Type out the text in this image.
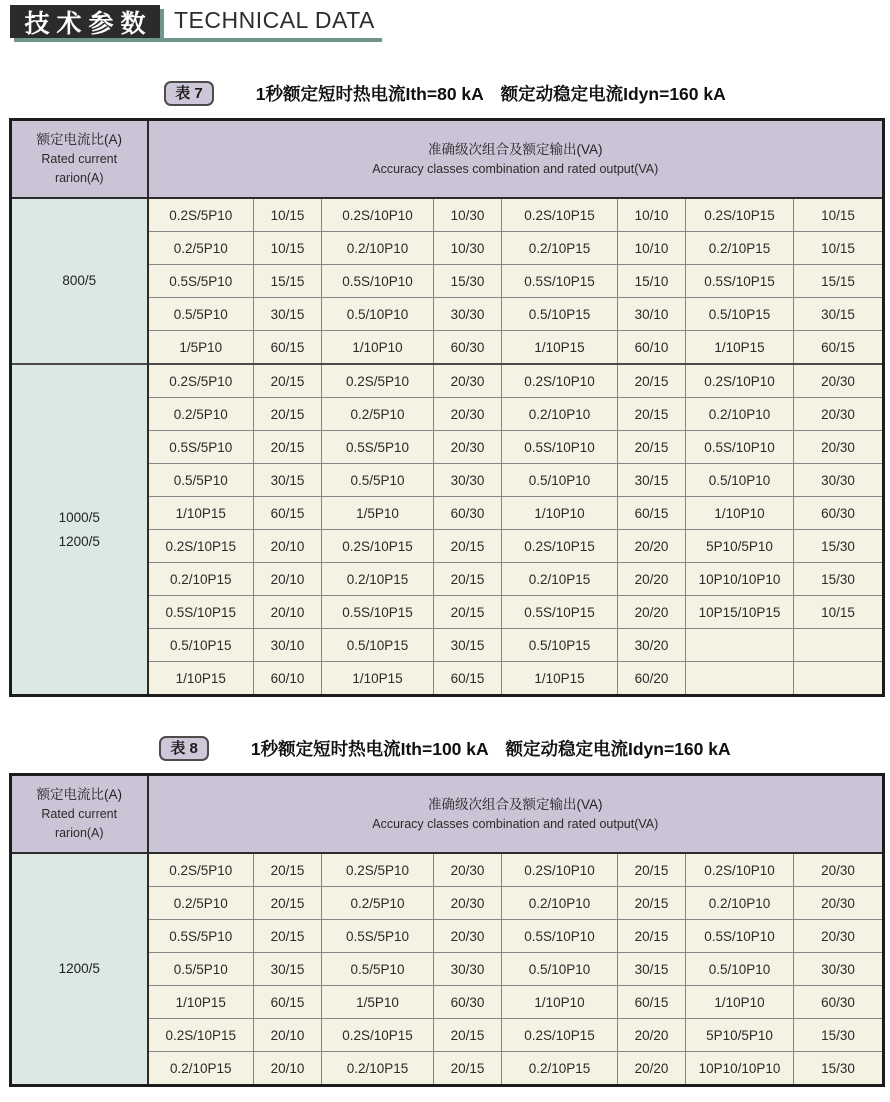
技术参数 TECHNICAL DATA
表 7	1秒额定短时热电流Ith=80 kA　额定动稳定电流Idyn=160 kA
额定电流比(A)
Rated current
rarion(A)

准确级次组合及额定输出(VA)
Accuracy classes combination and rated output(VA)

800/5	0.2S/5P10	10/15	0.2S/10P10	10/30	0.2S/10P15	10/10	0.2S/10P15	10/15
	0.2/5P10	10/15	0.2/10P10	10/30	0.2/10P15	10/10	0.2/10P15	10/15
	0.5S/5P10	15/15	0.5S/10P10	15/30	0.5S/10P15	15/10	0.5S/10P15	15/15
	0.5/5P10	30/15	0.5/10P10	30/30	0.5/10P15	30/10	0.5/10P15	30/15
	1/5P10	60/15	1/10P10	60/30	1/10P15	60/10	1/10P15	60/15

1000/5
1200/5	0.2S/5P10	20/15	0.2S/5P10	20/30	0.2S/10P10	20/15	0.2S/10P10	20/30
	0.2/5P10	20/15	0.2/5P10	20/30	0.2/10P10	20/15	0.2/10P10	20/30
	0.5S/5P10	20/15	0.5S/5P10	20/30	0.5S/10P10	20/15	0.5S/10P10	20/30
	0.5/5P10	30/15	0.5/5P10	30/30	0.5/10P10	30/15	0.5/10P10	30/30
	1/10P15	60/15	1/5P10	60/30	1/10P10	60/15	1/10P10	60/30
	0.2S/10P15	20/10	0.2S/10P15	20/15	0.2S/10P15	20/20	5P10/5P10	15/30
	0.2/10P15	20/10	0.2/10P15	20/15	0.2/10P15	20/20	10P10/10P10	15/30
	0.5S/10P15	20/10	0.5S/10P15	20/15	0.5S/10P15	20/20	10P15/10P15	10/15
	0.5/10P15	30/10	0.5/10P15	30/15	0.5/10P15	30/20		
	1/10P15	60/10	1/10P15	60/15	1/10P15	60/20		
表 8	1秒额定短时热电流Ith=100 kA　额定动稳定电流Idyn=160 kA
额定电流比(A)
Rated current
rarion(A)

准确级次组合及额定输出(VA)
Accuracy classes combination and rated output(VA)

1200/5	0.2S/5P10	20/15	0.2S/5P10	20/30	0.2S/10P10	20/15	0.2S/10P10	20/30
	0.2/5P10	20/15	0.2/5P10	20/30	0.2/10P10	20/15	0.2/10P10	20/30
	0.5S/5P10	20/15	0.5S/5P10	20/30	0.5S/10P10	20/15	0.5S/10P10	20/30
	0.5/5P10	30/15	0.5/5P10	30/30	0.5/10P10	30/15	0.5/10P10	30/30
	1/10P15	60/15	1/5P10	60/30	1/10P10	60/15	1/10P10	60/30
	0.2S/10P15	20/10	0.2S/10P15	20/15	0.2S/10P15	20/20	5P10/5P10	15/30
	0.2/10P15	20/10	0.2/10P15	20/15	0.2/10P15	20/20	10P10/10P10	15/30
